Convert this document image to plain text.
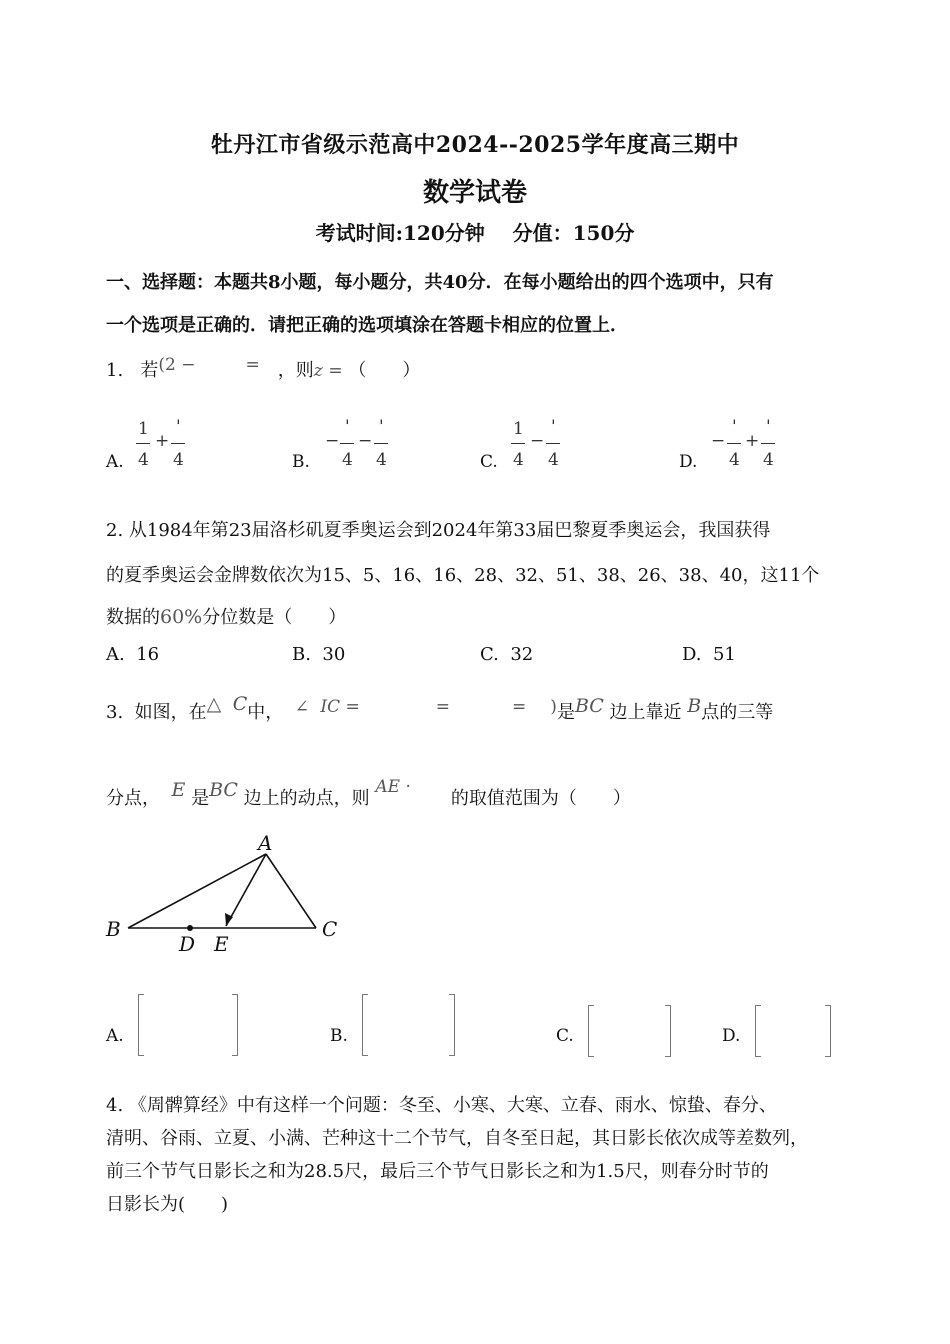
牡丹江市省级示范高中2024--2025学年度高三期中
数学试卷
考试时间:120分钟    分值：150分
一、选择题：本题共8小题，每小题分，共40分．在每小题给出的四个选项中，只有
一个选项是正确的．请把正确的选项填涂在答题卡相应的位置上．
1. 若(2 −	= ，则z = （　　）
A.
1
4
+
'
4	B.
−
'
4
−
'
4	C.
1
4
−
'
4	D.
−
'
4
+
'
4
2. 从1984年第23届洛杉矶夏季奥运会到2024年第33届巴黎夏季奥运会，我国获得
的夏季奥运会金牌数依次为15、5、16、16、28、32、51、38、26、38、40，这11个
数据的60%分位数是（　　）
A. 16	B. 30	C. 32	D. 51
3. 如图，在△ C中， ∠ IC =	=	= )是BC 边上靠近 B点的三等
分点， E 是BC 边上的动点，则 AE ·的取值范围为（　　）
A
B	C
D E
A.	B.	C.	D.
4. 《周髀算经》中有这样一个问题：冬至、小寒、大寒、立春、雨水、惊蛰、春分、
清明、谷雨、立夏、小满、芒种这十二个节气，自冬至日起，其日影长依次成等差数列，
前三个节气日影长之和为28.5尺，最后三个节气日影长之和为1.5尺，则春分时节的
日影长为(　　)
